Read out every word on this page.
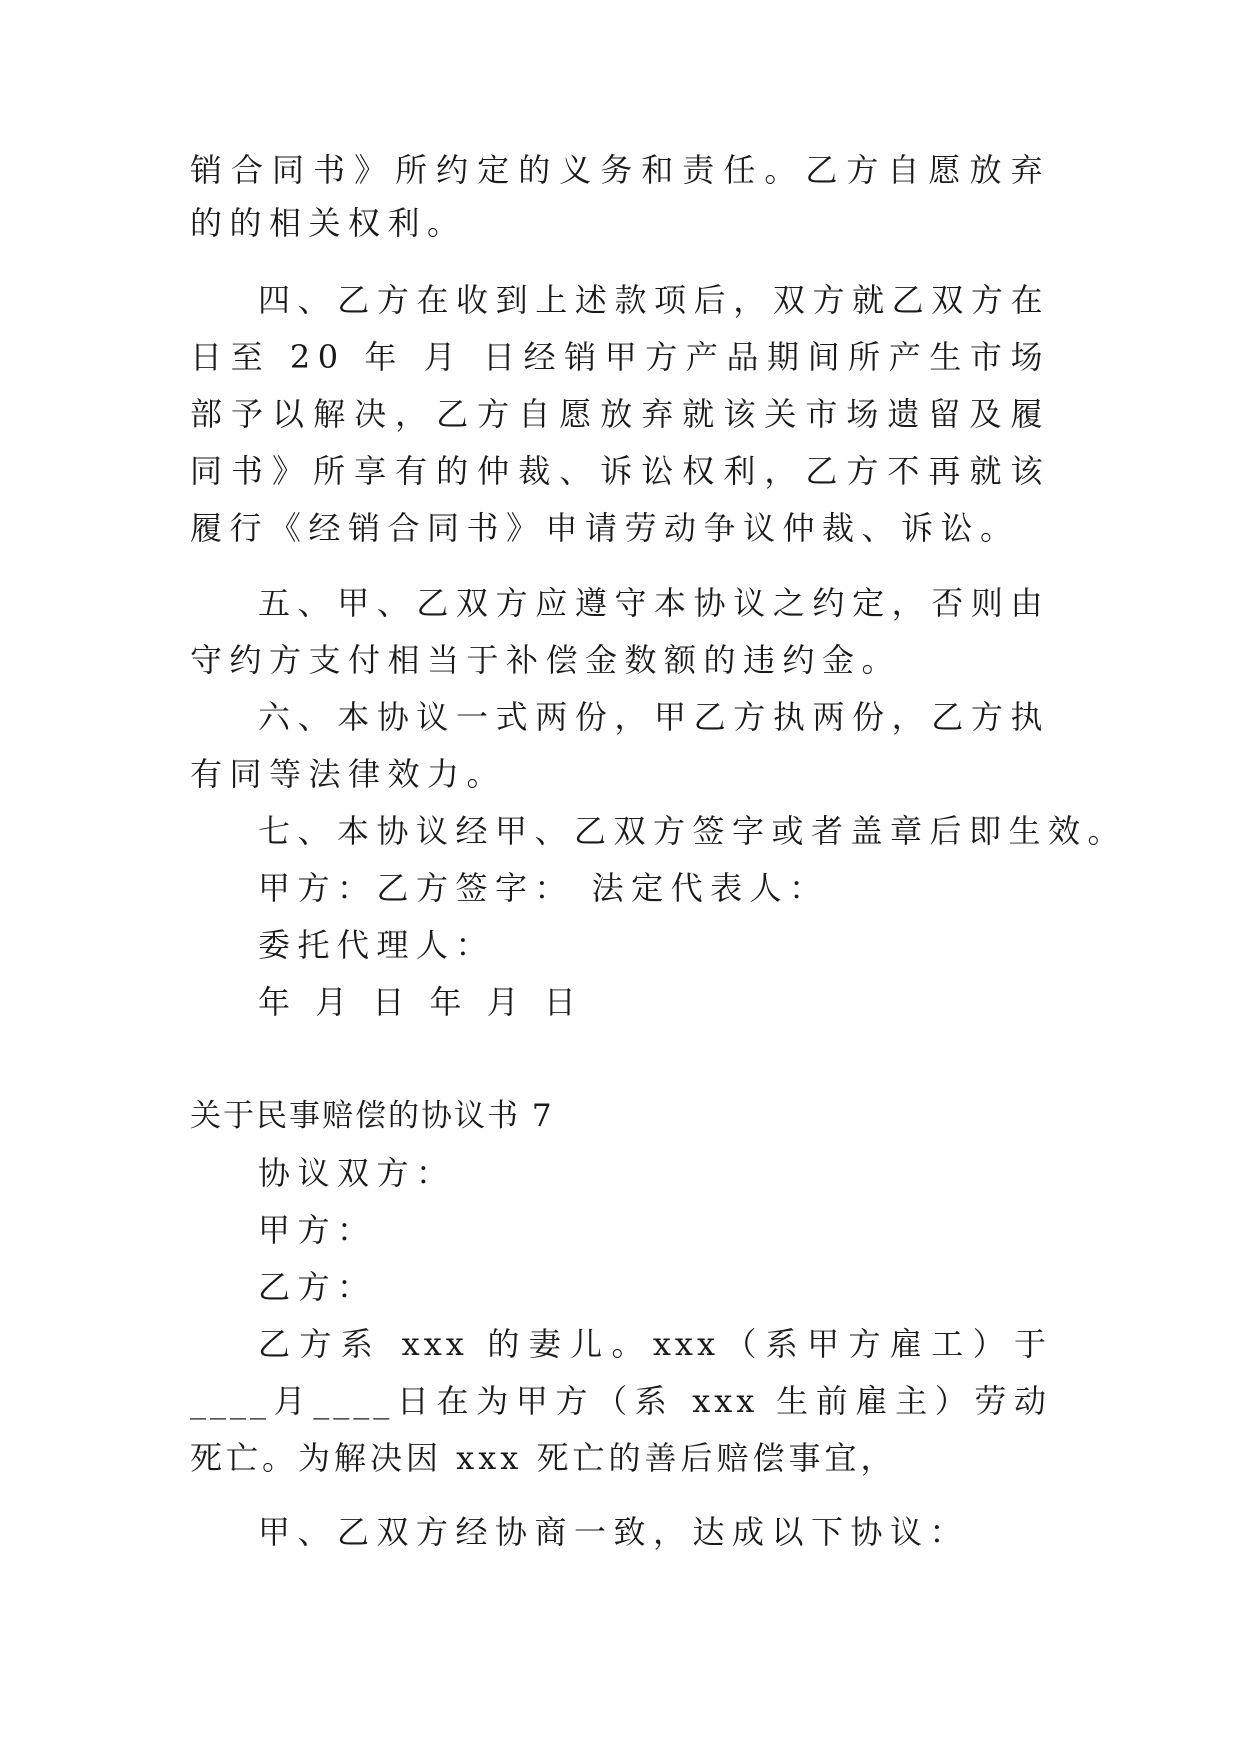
销合同书》所约定的义务和责任。乙方自愿放弃

的的相关权利。

四、乙方在收到上述款项后，双方就乙双方在

日至 20 年 月 日经销甲方产品期间所产生市场

部予以解决，乙方自愿放弃就该关市场遗留及履

同书》所享有的仲裁、诉讼权利，乙方不再就该

履行《经销合同书》申请劳动争议仲裁、诉讼。

五、甲、乙双方应遵守本协议之约定，否则由

守约方支付相当于补偿金数额的违约金。

六、本协议一式两份，甲乙方执两份，乙方执

有同等法律效力。

七、本协议经甲、乙双方签字或者盖章后即生效。

甲方：乙方签字： 法定代表人：

委托代理人：

年 月 日 年 月 日

关于民事赔偿的协议书 7

协议双方：

甲方：

乙方：

乙方系 xxx 的妻儿。xxx（系甲方雇工）于

____月____日在为甲方（系 xxx 生前雇主）劳动

死亡。为解决因 xxx 死亡的善后赔偿事宜，

甲、乙双方经协商一致，达成以下协议：
